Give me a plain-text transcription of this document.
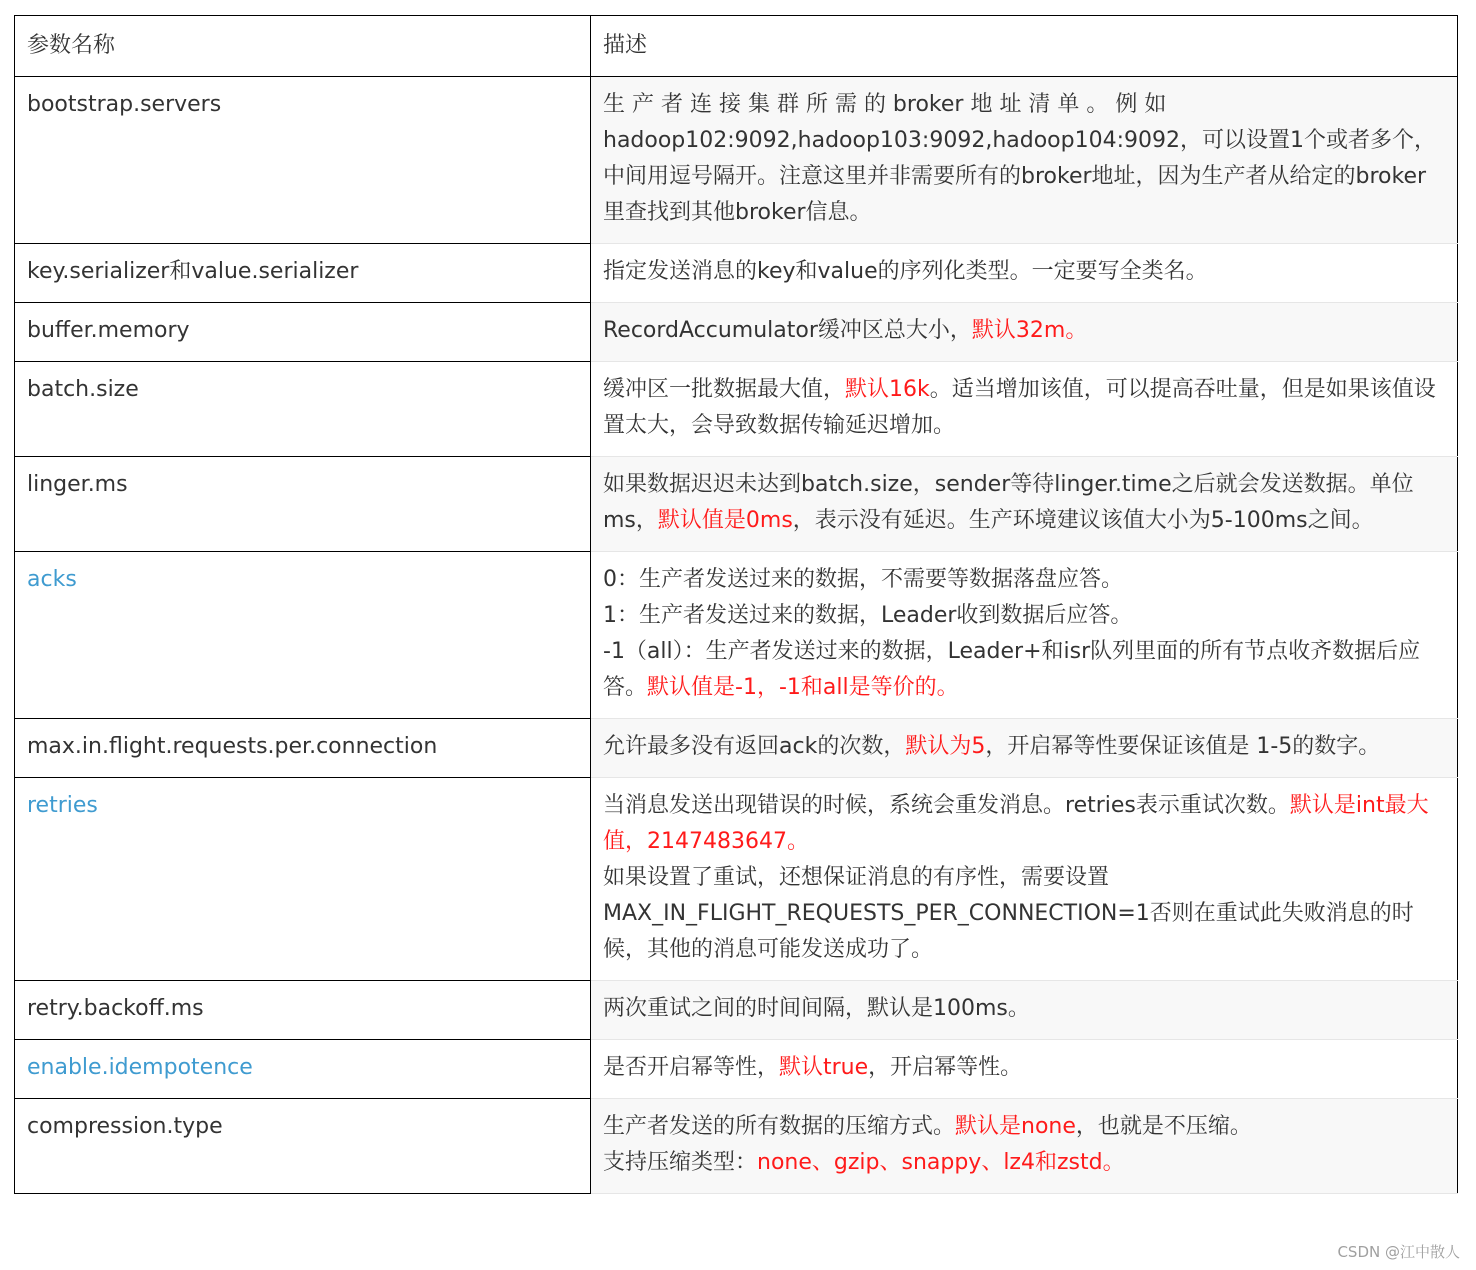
参数名称	描述
bootstrap.servers	生 产 者 连 接 集 群 所 需 的 broker 地 址 清 单 。 例 如hadoop102:9092,hadoop103:9092,hadoop104:9092，可以设置1个或者多个，中间用逗号隔开。注意这里并非需要所有的broker地址，因为生产者从给定的broker里查找到其他broker信息。
key.serializer和value.serializer	指定发送消息的key和value的序列化类型。一定要写全类名。
buffer.memory	RecordAccumulator缓冲区总大小，默认32m。
batch.size	缓冲区一批数据最大值，默认16k。适当增加该值，可以提高吞吐量，但是如果该值设置太大，会导致数据传输延迟增加。
linger.ms	如果数据迟迟未达到batch.size，sender等待linger.time之后就会发送数据。单位ms，默认值是0ms，表示没有延迟。生产环境建议该值大小为5-100ms之间。
acks	0：生产者发送过来的数据，不需要等数据落盘应答。
1：生产者发送过来的数据，Leader收到数据后应答。
-1（all）：生产者发送过来的数据，Leader+和isr队列里面的所有节点收齐数据后应答。默认值是-1，-1和all是等价的。
max.in.flight.requests.per.connection	允许最多没有返回ack的次数，默认为5，开启幂等性要保证该值是 1-5的数字。
retries	当消息发送出现错误的时候，系统会重发消息。retries表示重试次数。默认是int最大值，2147483647。
如果设置了重试，还想保证消息的有序性，需要设置
MAX_IN_FLIGHT_REQUESTS_PER_CONNECTION=1否则在重试此失败消息的时候，其他的消息可能发送成功了。
retry.backoff.ms	两次重试之间的时间间隔，默认是100ms。
enable.idempotence	是否开启幂等性，默认true，开启幂等性。
compression.type	生产者发送的所有数据的压缩方式。默认是none，也就是不压缩。
支持压缩类型：none、gzip、snappy、lz4和zstd。
CSDN @江中散人
